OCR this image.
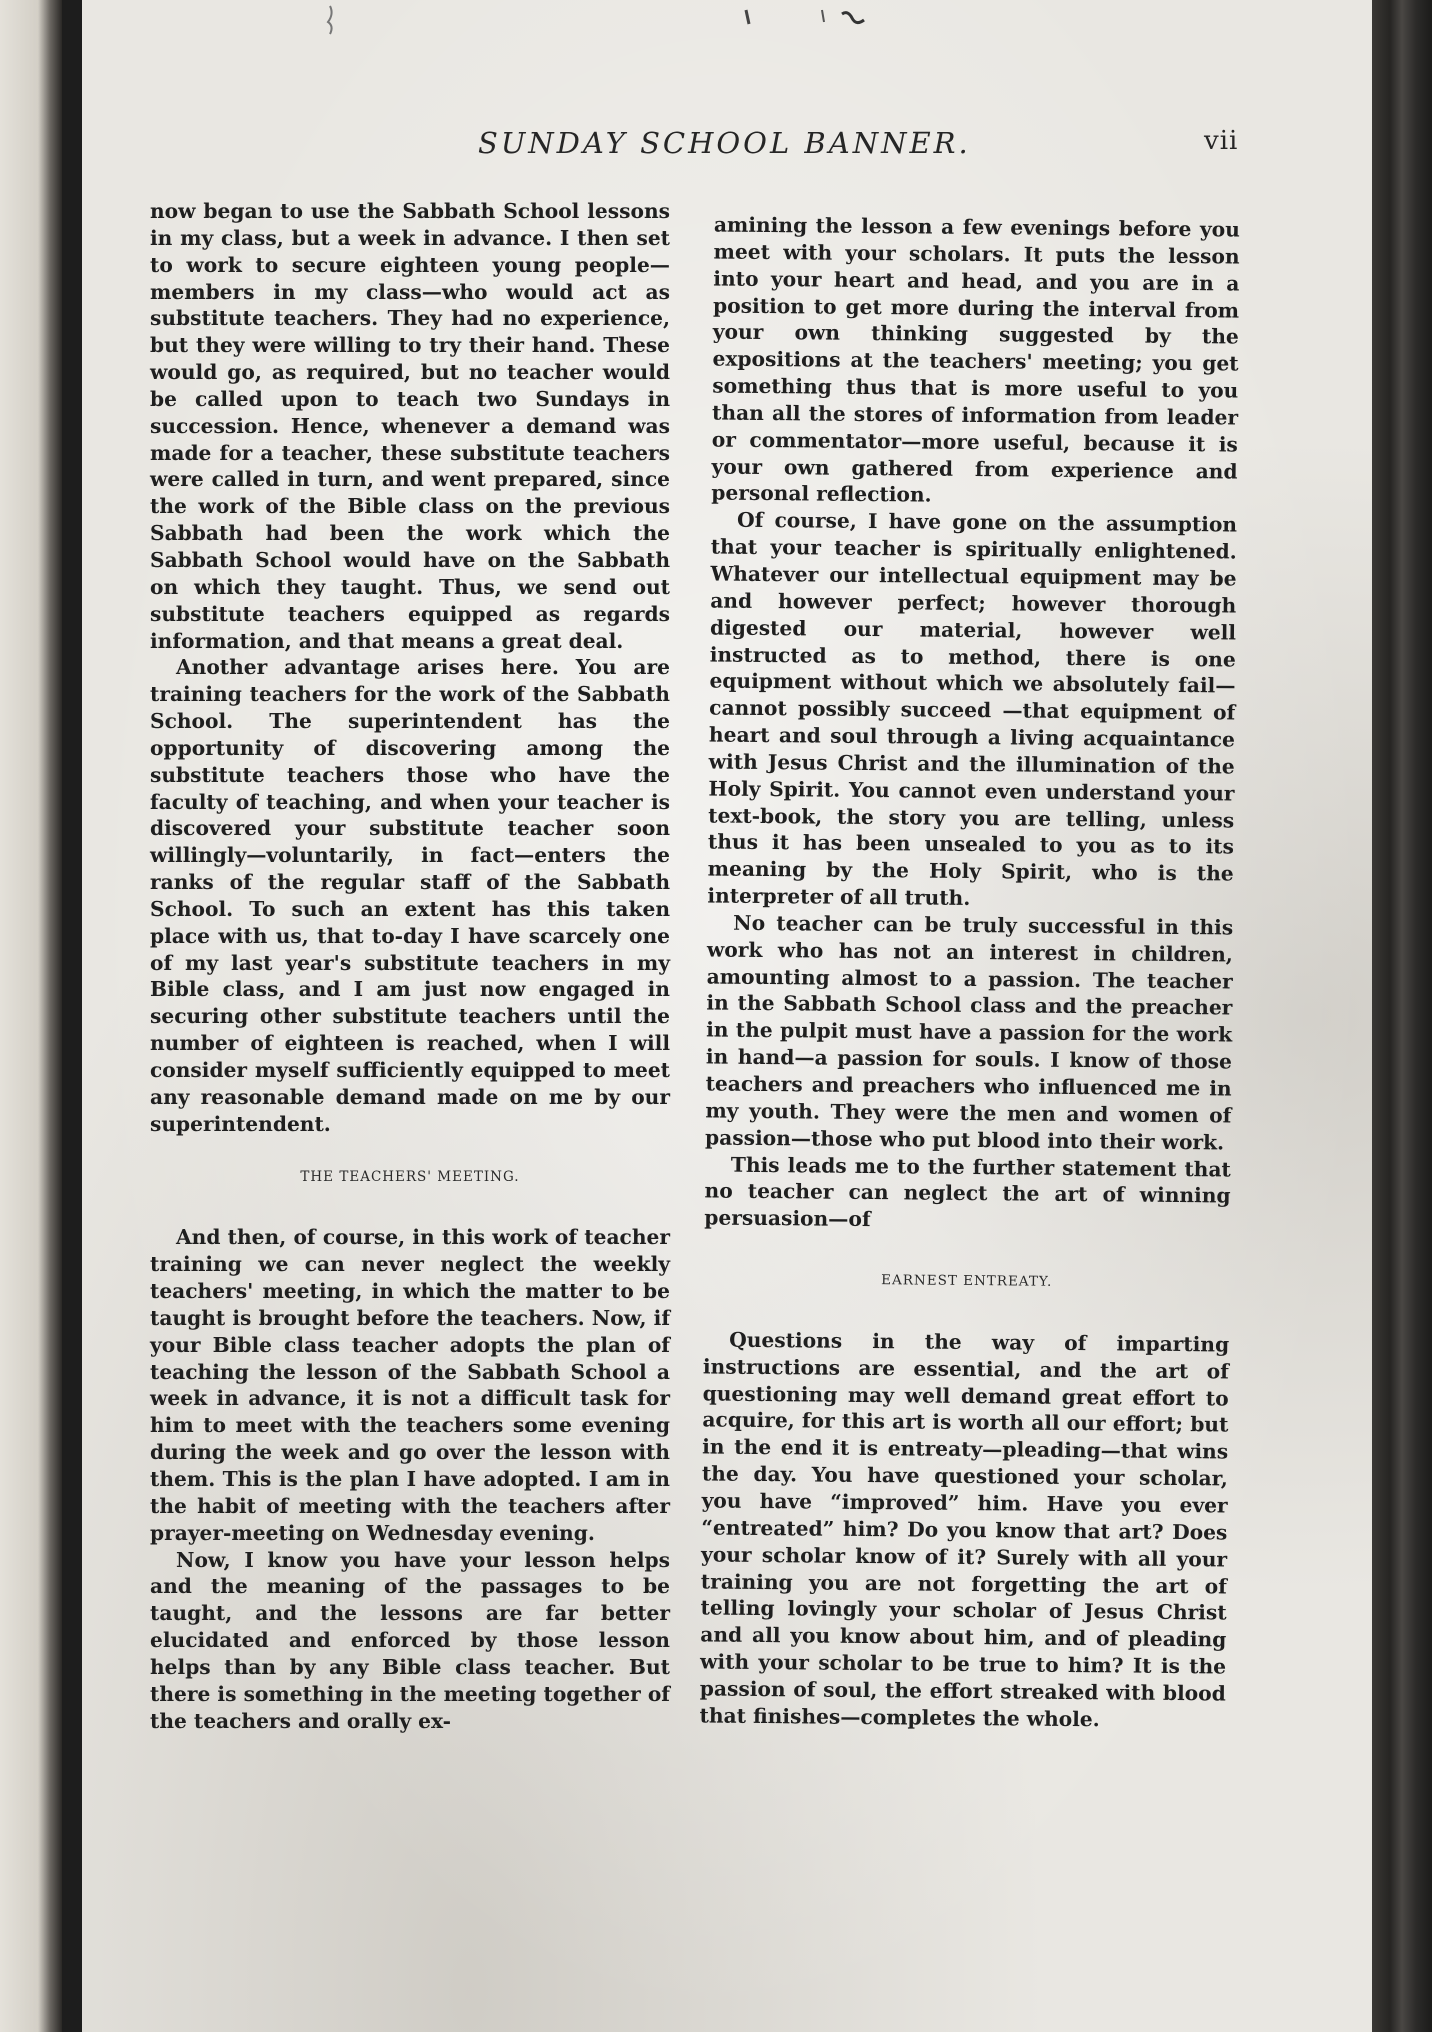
SUNDAY SCHOOL BANNER.	vii

now began to use the Sabbath School lessons in my class, but a week in advance. I then set to work to secure eighteen young people—members in my class—who would act as substitute teachers. They had no experience, but they were willing to try their hand. These would go, as required, but no teacher would be called upon to teach two Sundays in succession. Hence, whenever a demand was made for a teacher, these substitute teachers were called in turn, and went prepared, since the work of the Bible class on the previous Sabbath had been the work which the Sabbath School would have on the Sabbath on which they taught. Thus, we send out substitute teachers equipped as regards information, and that means a great deal.

Another advantage arises here. You are training teachers for the work of the Sabbath School. The superintendent has the opportunity of discovering among the substitute teachers those who have the faculty of teaching, and when your teacher is discovered your substitute teacher soon willingly—voluntarily, in fact—enters the ranks of the regular staff of the Sabbath School. To such an extent has this taken place with us, that to-day I have scarcely one of my last year's substitute teachers in my Bible class, and I am just now engaged in securing other substitute teachers until the number of eighteen is reached, when I will consider myself sufficiently equipped to meet any reasonable demand made on me by our superintendent.

THE TEACHERS' MEETING.

And then, of course, in this work of teacher training we can never neglect the weekly teachers' meeting, in which the matter to be taught is brought before the teachers. Now, if your Bible class teacher adopts the plan of teaching the lesson of the Sabbath School a week in advance, it is not a difficult task for him to meet with the teachers some evening during the week and go over the lesson with them. This is the plan I have adopted. I am in the habit of meeting with the teachers after prayer-meeting on Wednesday evening.

Now, I know you have your lesson helps and the meaning of the passages to be taught, and the lessons are far better elucidated and enforced by those lesson helps than by any Bible class teacher. But there is something in the meeting together of the teachers and orally ex-

amining the lesson a few evenings before you meet with your scholars. It puts the lesson into your heart and head, and you are in a position to get more during the interval from your own thinking suggested by the expositions at the teachers' meeting; you get something thus that is more useful to you than all the stores of information from leader or commentator—more useful, because it is your own gathered from experience and personal reflection.

Of course, I have gone on the assumption that your teacher is spiritually enlightened. Whatever our intellectual equipment may be and however perfect; however thorough digested our material, however well instructed as to method, there is one equipment without which we absolutely fail—cannot possibly succeed —that equipment of heart and soul through a living acquaintance with Jesus Christ and the illumination of the Holy Spirit. You cannot even understand your text-book, the story you are telling, unless thus it has been unsealed to you as to its meaning by the Holy Spirit, who is the interpreter of all truth.

No teacher can be truly successful in this work who has not an interest in children, amounting almost to a passion. The teacher in the Sabbath School class and the preacher in the pulpit must have a passion for the work in hand—a passion for souls. I know of those teachers and preachers who influenced me in my youth. They were the men and women of passion—those who put blood into their work.

This leads me to the further statement that no teacher can neglect the art of winning persuasion—of

EARNEST ENTREATY.

Questions in the way of imparting instructions are essential, and the art of questioning may well demand great effort to acquire, for this art is worth all our effort; but in the end it is entreaty—pleading—that wins the day. You have questioned your scholar, you have “improved” him. Have you ever “entreated” him? Do you know that art? Does your scholar know of it? Surely with all your training you are not forgetting the art of telling lovingly your scholar of Jesus Christ and all you know about him, and of pleading with your scholar to be true to him? It is the passion of soul, the effort streaked with blood that finishes—completes the whole.
